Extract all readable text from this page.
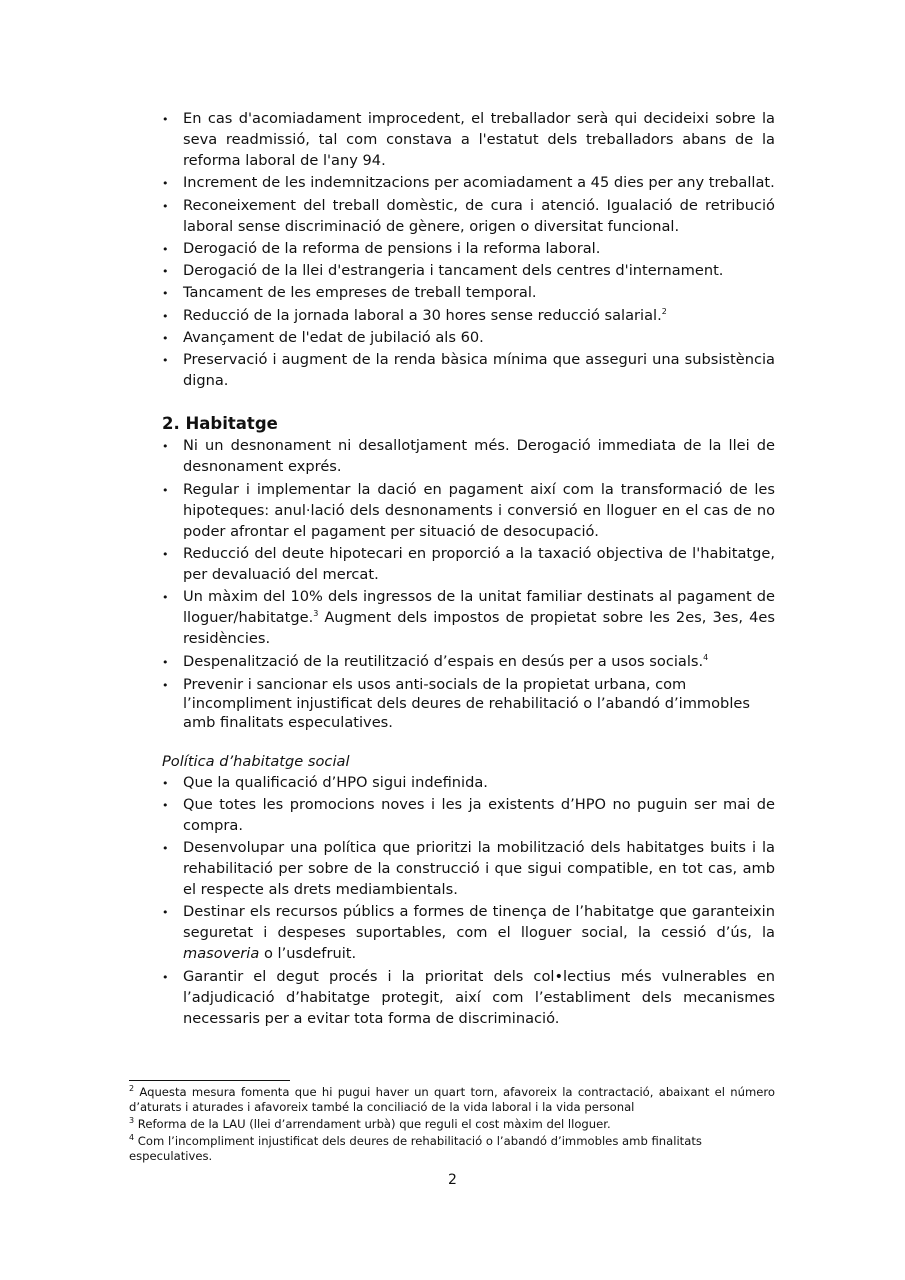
•
En cas d'acomiadament improcedent, el treballador serà qui decideixi sobre la seva readmissió, tal com constava a l'estatut dels treballadors abans de la reforma laboral de l'any 94.
•
Increment de les indemnitzacions per acomiadament a 45 dies per any treballat.
•
Reconeixement del treball domèstic, de cura i atenció. Igualació de retribució laboral sense discriminació de gènere, origen o diversitat funcional.
•
Derogació de la reforma de pensions i la reforma laboral.
•
Derogació de la llei d'estrangeria i tancament dels centres d'internament.
•
Tancament de les empreses de treball temporal.
•
Reducció de la jornada laboral a 30 hores sense reducció salarial.$^2$
•
Avançament de l'edat de jubilació als 60.
•
Preservació i augment de la renda bàsica mínima que asseguri una subsistència digna.
2. Habitatge
•
Ni un desnonament ni desallotjament més. Derogació immediata de la llei de desnonament exprés.
•
Regular i implementar la dació en pagament així com la transformació de les hipoteques: anul·lació dels desnonaments i conversió en lloguer en el cas de no poder afrontar el pagament per situació de desocupació.
•
Reducció del deute hipotecari en proporció a la taxació objectiva de l'habitatge, per devaluació del mercat.
•
Un màxim del 10% dels ingressos de la unitat familiar destinats al pagament de lloguer/habitatge.$^3$ Augment dels impostos de propietat sobre les 2es, 3es, 4es residències.
•
Despenalització de la reutilització d’espais en desús per a usos socials.$^4$
•
Prevenir i sancionar els usos anti-socials de la propietat urbana, com l’incompliment injustificat dels deures de rehabilitació o l’abandó d’immobles amb finalitats especulatives.
Política d’habitatge social
•
Que la qualificació d’HPO sigui indefinida.
•
Que totes les promocions noves i les ja existents d’HPO no puguin ser mai de compra.
•
Desenvolupar una política que prioritzi la mobilització dels habitatges buits i la rehabilitació per sobre de la construcció i que sigui compatible, en tot cas, amb el respecte als drets mediambientals.
•
Destinar els recursos públics a formes de tinença de l’habitatge que garanteixin seguretat i despeses suportables, com el lloguer social, la cessió d’ús, la masoveria o l’usdefruit.
•
Garantir el degut procés i la prioritat dels col•lectius més vulnerables en l’adjudicació d’habitatge protegit, així com l’establiment dels mecanismes necessaris per a evitar tota forma de discriminació.
$^2$ Aquesta mesura fomenta que hi pugui haver un quart torn, afavoreix la contractació, abaixant el número d’aturats i aturades i afavoreix també la conciliació de la vida laboral i la vida personal
$^3$ Reforma de la LAU (llei d’arrendament urbà) que reguli el cost màxim del lloguer.
$^4$ Com l’incompliment injustificat dels deures de rehabilitació o l’abandó d’immobles amb finalitats especulatives.
2
